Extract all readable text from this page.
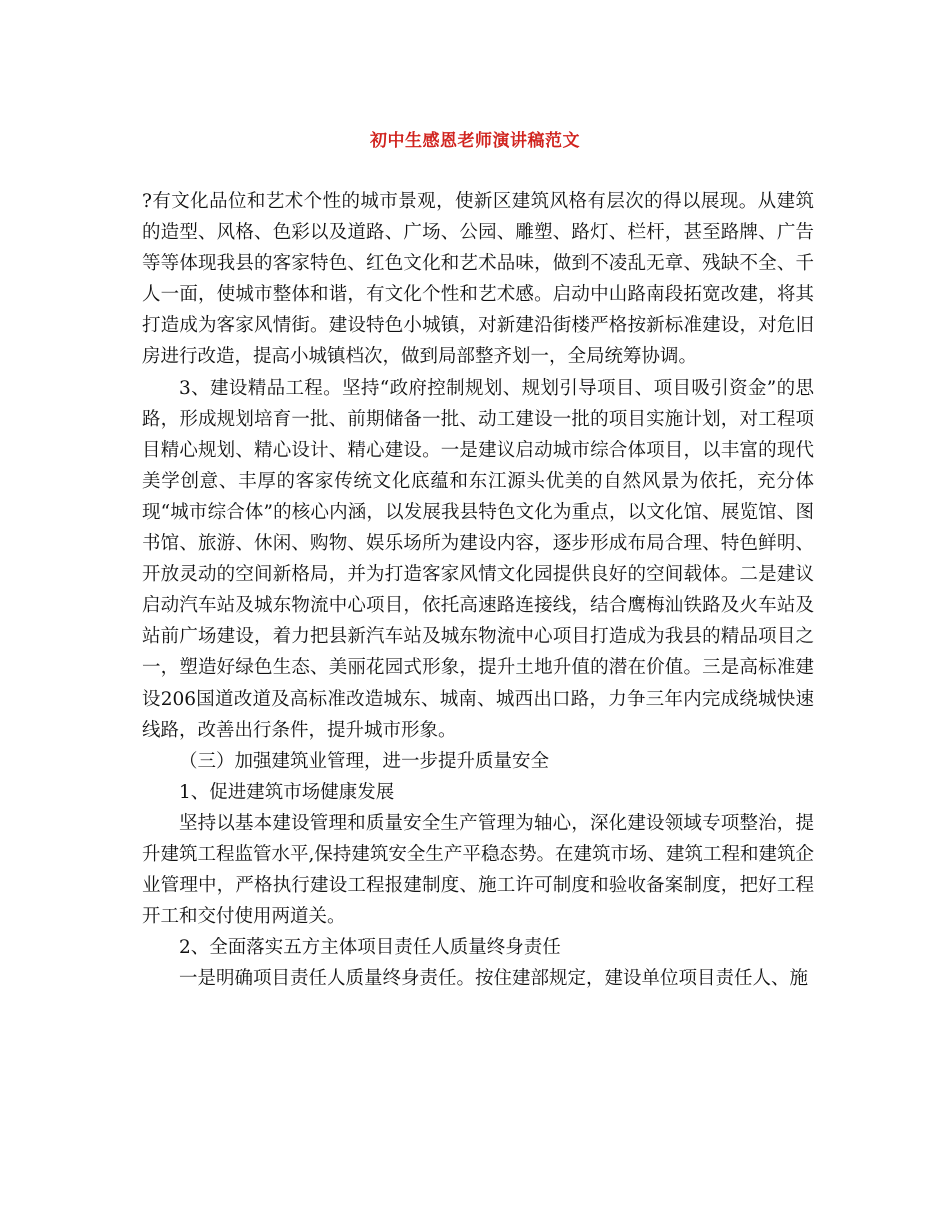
初中生感恩老师演讲稿范文

?有文化品位和艺术个性的城市景观，使新区建筑风格有层次的得以展现。从建筑的造型、风格、色彩以及道路、广场、公园、雕塑、路灯、栏杆，甚至路牌、广告等等体现我县的客家特色、红色文化和艺术品味，做到不凌乱无章、残缺不全、千人一面，使城市整体和谐，有文化个性和艺术感。启动中山路南段拓宽改建，将其打造成为客家风情街。建设特色小城镇，对新建沿街楼严格按新标准建设，对危旧房进行改造，提高小城镇档次，做到局部整齐划一，全局统筹协调。

3、建设精品工程。坚持“政府控制规划、规划引导项目、项目吸引资金”的思路，形成规划培育一批、前期储备一批、动工建设一批的项目实施计划，对工程项目精心规划、精心设计、精心建设。一是建议启动城市综合体项目，以丰富的现代美学创意、丰厚的客家传统文化底蕴和东江源头优美的自然风景为依托，充分体现“城市综合体”的核心内涵，以发展我县特色文化为重点，以文化馆、展览馆、图书馆、旅游、休闲、购物、娱乐场所为建设内容，逐步形成布局合理、特色鲜明、开放灵动的空间新格局，并为打造客家风情文化园提供良好的空间载体。二是建议启动汽车站及城东物流中心项目，依托高速路连接线，结合鹰梅汕铁路及火车站及站前广场建设，着力把县新汽车站及城东物流中心项目打造成为我县的精品项目之一，塑造好绿色生态、美丽花园式形象，提升土地升值的潜在价值。三是高标准建设206国道改道及高标准改造城东、城南、城西出口路，力争三年内完成绕城快速线路，改善出行条件，提升城市形象。

（三）加强建筑业管理，进一步提升质量安全

1、促进建筑市场健康发展

坚持以基本建设管理和质量安全生产管理为轴心，深化建设领域专项整治，提升建筑工程监管水平,保持建筑安全生产平稳态势。在建筑市场、建筑工程和建筑企业管理中，严格执行建设工程报建制度、施工许可制度和验收备案制度，把好工程开工和交付使用两道关。

2、全面落实五方主体项目责任人质量终身责任

一是明确项目责任人质量终身责任。按住建部规定，建设单位项目责任人、施
